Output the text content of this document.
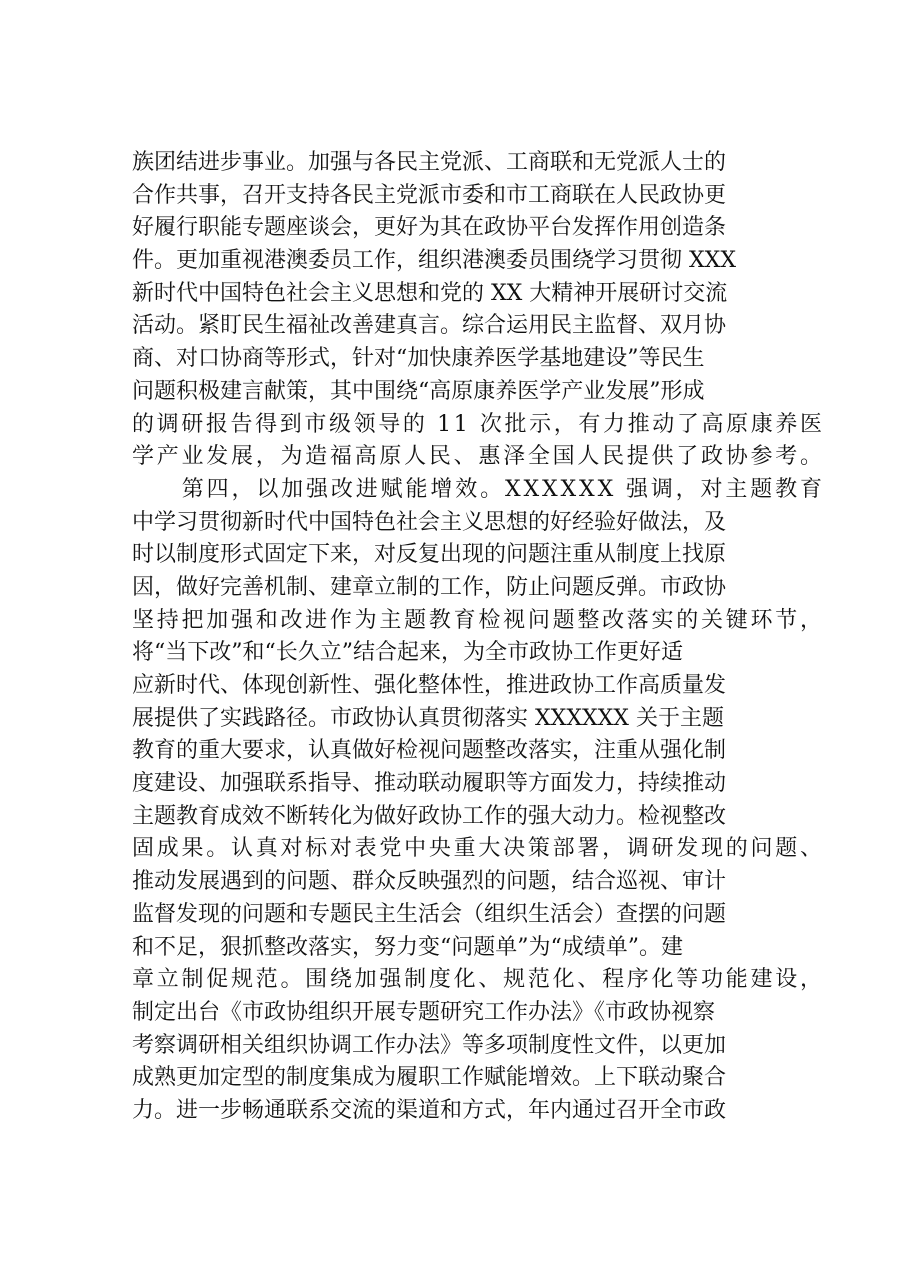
族团结进步事业。加强与各民主党派、工商联和无党派人士的
合作共事，召开支持各民主党派市委和市工商联在人民政协更
好履行职能专题座谈会，更好为其在政协平台发挥作用创造条
件。更加重视港澳委员工作，组织港澳委员围绕学习贯彻 XXX
新时代中国特色社会主义思想和党的 XX 大精神开展研讨交流
活动。紧盯民生福祉改善建真言。综合运用民主监督、双月协
商、对口协商等形式，针对“加快康养医学基地建设”等民生
问题积极建言献策，其中围绕“高原康养医学产业发展”形成
的调研报告得到市级领导的 11 次批示，有力推动了高原康养医
学产业发展，为造福高原人民、惠泽全国人民提供了政协参考。
　　第四，以加强改进赋能增效。XXXXXX 强调，对主题教育
中学习贯彻新时代中国特色社会主义思想的好经验好做法，及
时以制度形式固定下来，对反复出现的问题注重从制度上找原
因，做好完善机制、建章立制的工作，防止问题反弹。市政协
坚持把加强和改进作为主题教育检视问题整改落实的关键环节，
将“当下改”和“长久立”结合起来，为全市政协工作更好适
应新时代、体现创新性、强化整体性，推进政协工作高质量发
展提供了实践路径。市政协认真贯彻落实 XXXXXX 关于主题
教育的重大要求，认真做好检视问题整改落实，注重从强化制
度建设、加强联系指导、推动联动履职等方面发力，持续推动
主题教育成效不断转化为做好政协工作的强大动力。检视整改
固成果。认真对标对表党中央重大决策部署，调研发现的问题、
推动发展遇到的问题、群众反映强烈的问题，结合巡视、审计
监督发现的问题和专题民主生活会（组织生活会）查摆的问题
和不足，狠抓整改落实，努力变“问题单”为“成绩单”。建
章立制促规范。围绕加强制度化、规范化、程序化等功能建设，
制定出台《市政协组织开展专题研究工作办法》《市政协视察
考察调研相关组织协调工作办法》等多项制度性文件，以更加
成熟更加定型的制度集成为履职工作赋能增效。上下联动聚合
力。进一步畅通联系交流的渠道和方式，年内通过召开全市政
